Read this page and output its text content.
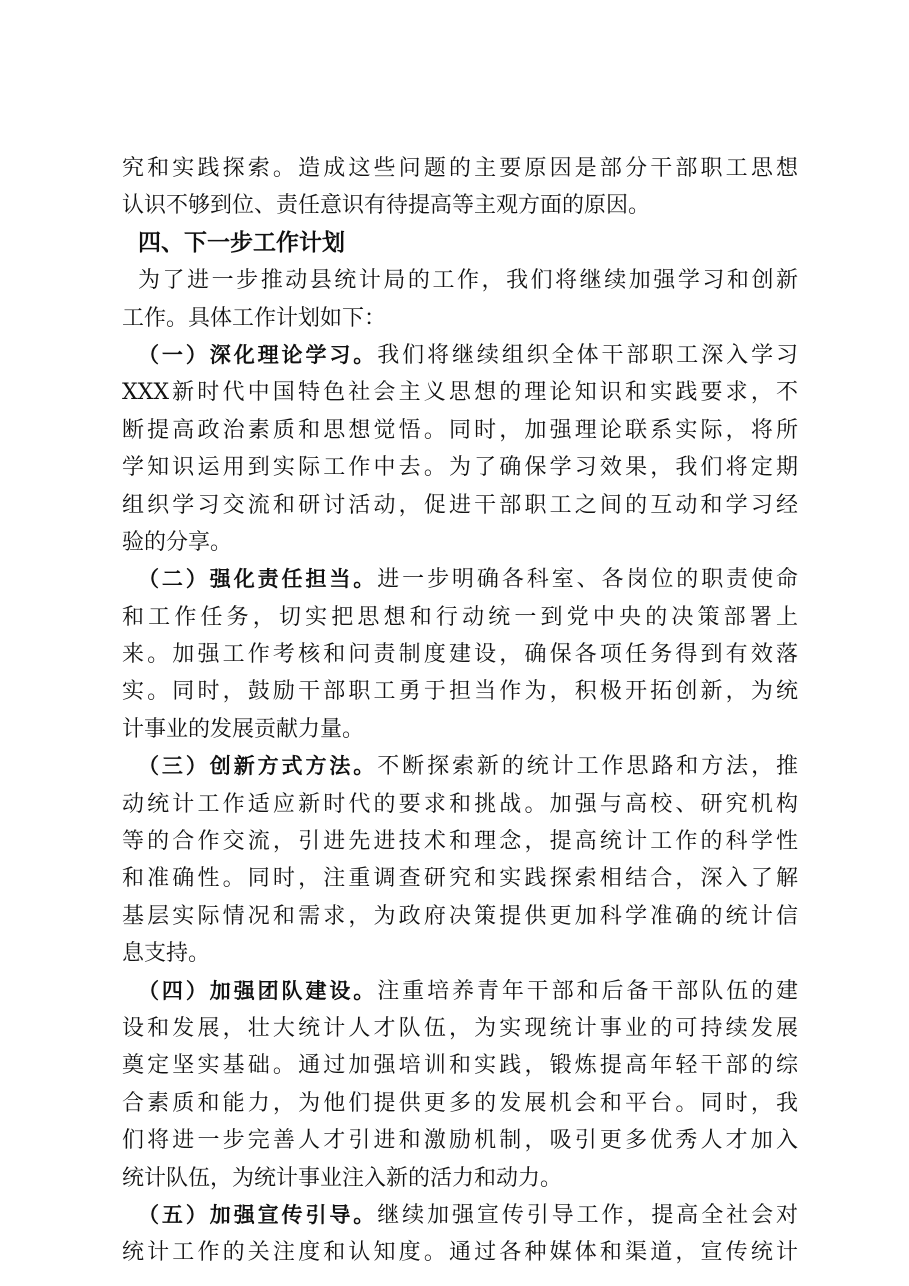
究和实践探索。造成这些问题的主要原因是部分干部职工思想
认识不够到位、责任意识有待提高等主观方面的原因。
四、下一步工作计划
为了进一步推动县统计局的工作，我们将继续加强学习和创新
工作。具体工作计划如下：
（一）深化理论学习。我们将继续组织全体干部职工深入学习
XXX新时代中国特色社会主义思想的理论知识和实践要求，不
断提高政治素质和思想觉悟。同时，加强理论联系实际，将所
学知识运用到实际工作中去。为了确保学习效果，我们将定期
组织学习交流和研讨活动，促进干部职工之间的互动和学习经
验的分享。
（二）强化责任担当。进一步明确各科室、各岗位的职责使命
和工作任务，切实把思想和行动统一到党中央的决策部署上
来。加强工作考核和问责制度建设，确保各项任务得到有效落
实。同时，鼓励干部职工勇于担当作为，积极开拓创新，为统
计事业的发展贡献力量。
（三）创新方式方法。不断探索新的统计工作思路和方法，推
动统计工作适应新时代的要求和挑战。加强与高校、研究机构
等的合作交流，引进先进技术和理念，提高统计工作的科学性
和准确性。同时，注重调查研究和实践探索相结合，深入了解
基层实际情况和需求，为政府决策提供更加科学准确的统计信
息支持。
（四）加强团队建设。注重培养青年干部和后备干部队伍的建
设和发展，壮大统计人才队伍，为实现统计事业的可持续发展
奠定坚实基础。通过加强培训和实践，锻炼提高年轻干部的综
合素质和能力，为他们提供更多的发展机会和平台。同时，我
们将进一步完善人才引进和激励机制，吸引更多优秀人才加入
统计队伍，为统计事业注入新的活力和动力。
（五）加强宣传引导。继续加强宣传引导工作，提高全社会对
统计工作的关注度和认知度。通过各种媒体和渠道，宣传统计
